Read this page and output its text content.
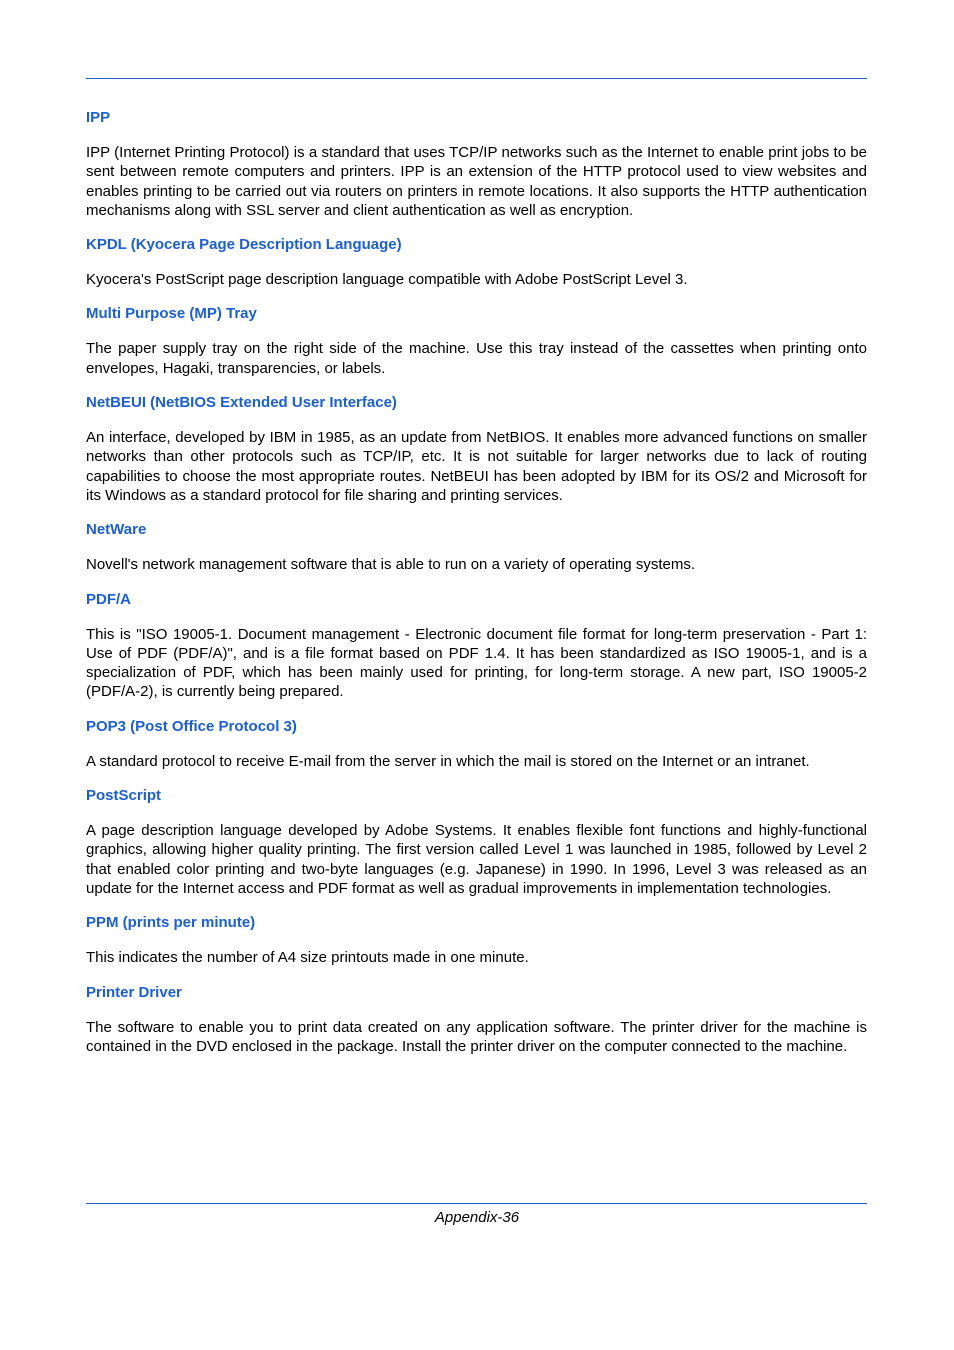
IPP

IPP (Internet Printing Protocol) is a standard that uses TCP/IP networks such as the Internet to enable print jobs to be sent between remote computers and printers. IPP is an extension of the HTTP protocol used to view websites and enables printing to be carried out via routers on printers in remote locations. It also supports the HTTP authentication mechanisms along with SSL server and client authentication as well as encryption.

KPDL (Kyocera Page Description Language)

Kyocera's PostScript page description language compatible with Adobe PostScript Level 3.

Multi Purpose (MP) Tray

The paper supply tray on the right side of the machine. Use this tray instead of the cassettes when printing onto envelopes, Hagaki, transparencies, or labels.

NetBEUI (NetBIOS Extended User Interface)

An interface, developed by IBM in 1985, as an update from NetBIOS. It enables more advanced functions on smaller networks than other protocols such as TCP/IP, etc. It is not suitable for larger networks due to lack of routing capabilities to choose the most appropriate routes. NetBEUI has been adopted by IBM for its OS/2 and Microsoft for its Windows as a standard protocol for file sharing and printing services.

NetWare

Novell's network management software that is able to run on a variety of operating systems.

PDF/A

This is "ISO 19005-1. Document management - Electronic document file format for long-term preservation - Part 1: Use of PDF (PDF/A)", and is a file format based on PDF 1.4. It has been standardized as ISO 19005-1, and is a specialization of PDF, which has been mainly used for printing, for long-term storage. A new part, ISO 19005-2 (PDF/A-2), is currently being prepared.

POP3 (Post Office Protocol 3)

A standard protocol to receive E-mail from the server in which the mail is stored on the Internet or an intranet.

PostScript

A page description language developed by Adobe Systems. It enables flexible font functions and highly-functional graphics, allowing higher quality printing. The first version called Level 1 was launched in 1985, followed by Level 2 that enabled color printing and two-byte languages (e.g. Japanese) in 1990. In 1996, Level 3 was released as an update for the Internet access and PDF format as well as gradual improvements in implementation technologies.

PPM (prints per minute)

This indicates the number of A4 size printouts made in one minute.

Printer Driver

The software to enable you to print data created on any application software. The printer driver for the machine is contained in the DVD enclosed in the package. Install the printer driver on the computer connected to the machine.

Appendix-36
